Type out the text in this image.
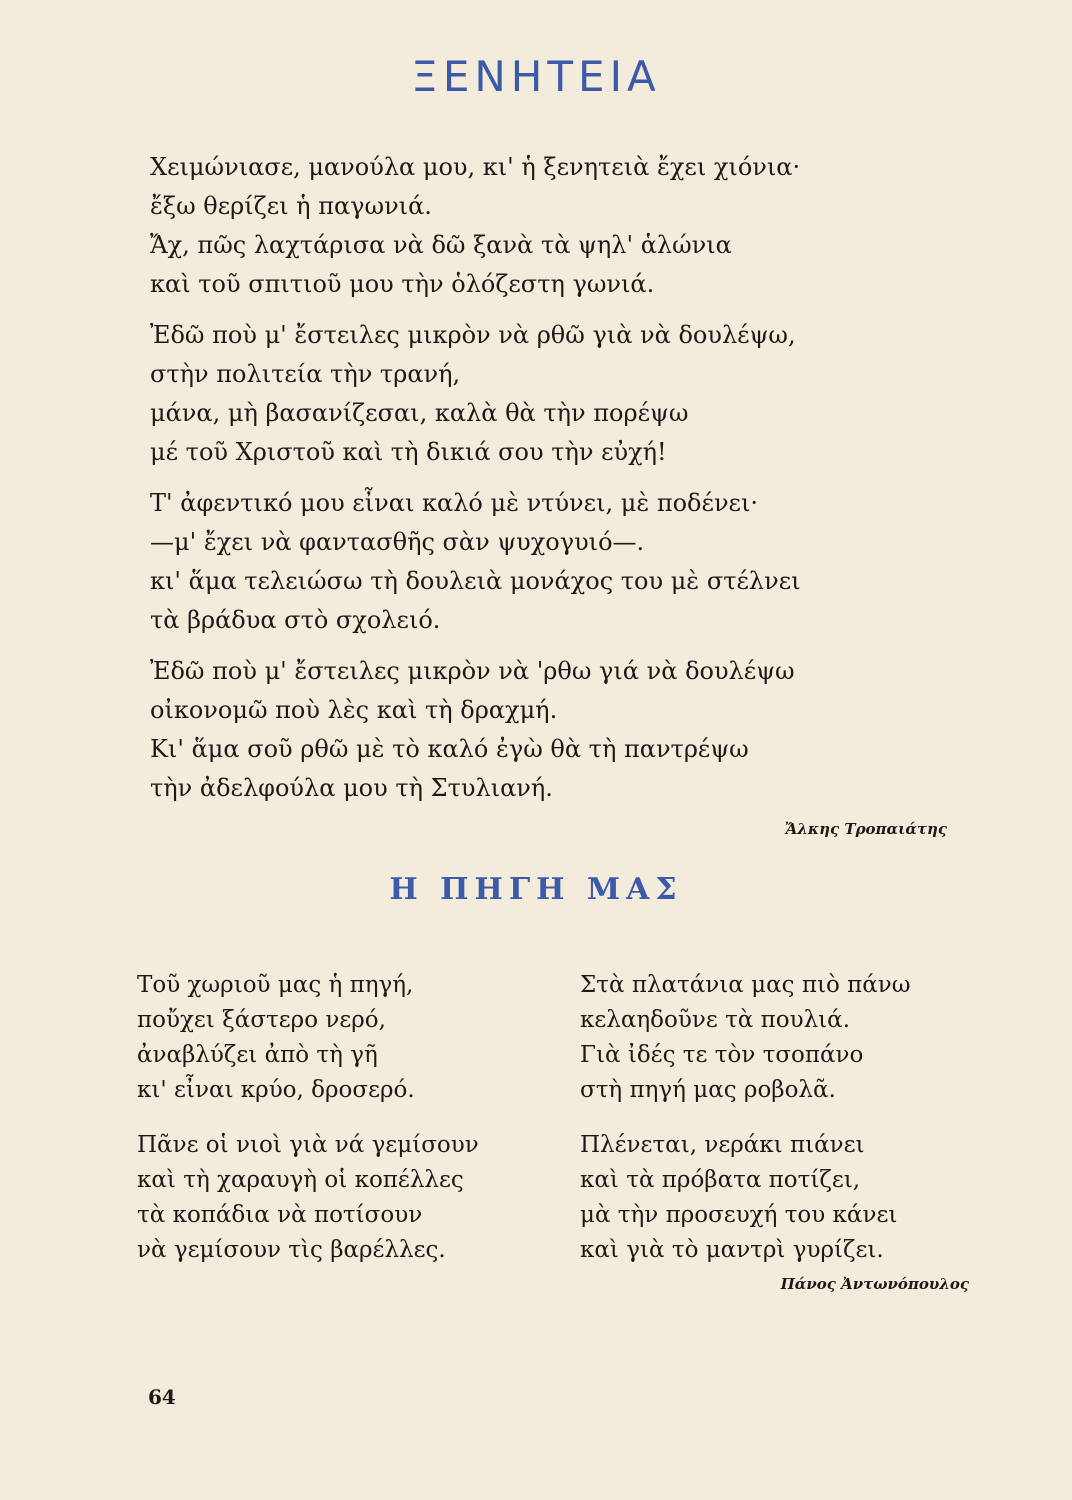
ΞΕΝΗΤΕΙΑ
Χειμώνιασε, μανούλα μου, κι' ἡ ξενητειὰ ἔχει χιόνια·
ἔξω θερίζει ἡ παγωνιά.
Ἄχ, πῶς λαχτάρισα νὰ δῶ ξανὰ τὰ ψηλ' ἁλώνια
καὶ τοῦ σπιτιοῦ μου τὴν ὁλόζεστη γωνιά.
Ἐδῶ ποὺ μ' ἔστειλες μικρὸν νὰ ρθῶ γιὰ νὰ δουλέψω,
στὴν πολιτεία τὴν τρανή,
μάνα, μὴ βασανίζεσαι, καλὰ θὰ τὴν πορέψω
μέ τοῦ Χριστοῦ καὶ τὴ δικιά σου τὴν εὐχή!
Τ' ἀφεντικό μου εἶναι καλό μὲ ντύνει, μὲ ποδένει·
—μ' ἔχει νὰ φαντασθῆς σὰν ψυχογυιό—.
κι' ἅμα τελειώσω τὴ δουλειὰ μονάχος του μὲ στέλνει
τὰ βράδυα στὸ σχολειό.
Ἐδῶ ποὺ μ' ἔστειλες μικρὸν νὰ 'ρθω γιά νὰ δουλέψω
οἰκονομῶ ποὺ λὲς καὶ τὴ δραχμή.
Κι' ἅμα σοῦ ρθῶ μὲ τὸ καλό ἐγὼ θὰ τὴ παντρέψω
τὴν ἀδελφούλα μου τὴ Στυλιανή.
Ἄλκης Τροπαιάτης
Η ΠΗΓΗ ΜΑΣ
Τοῦ χωριοῦ μας ἡ πηγή,
ποὔχει ξάστερο νερό,
ἀναβλύζει ἀπὸ τὴ γῆ
κι' εἶναι κρύο, δροσερό.
Πᾶνε οἱ νιοὶ γιὰ νά γεμίσουν
καὶ τὴ χαραυγὴ οἱ κοπέλλες
τὰ κοπάδια νὰ ποτίσουν
νὰ γεμίσουν τὶς βαρέλλες.
Στὰ πλατάνια μας πιὸ πάνω
κελαηδοῦνε τὰ πουλιά.
Γιὰ ἰδές τε τὸν τσοπάνο
στὴ πηγή μας ροβολᾶ.
Πλένεται, νεράκι πιάνει
καὶ τὰ πρόβατα ποτίζει,
μὰ τὴν προσευχή του κάνει
καὶ γιὰ τὸ μαντρὶ γυρίζει.
Πάνος Ἀντωνόπουλος
64
